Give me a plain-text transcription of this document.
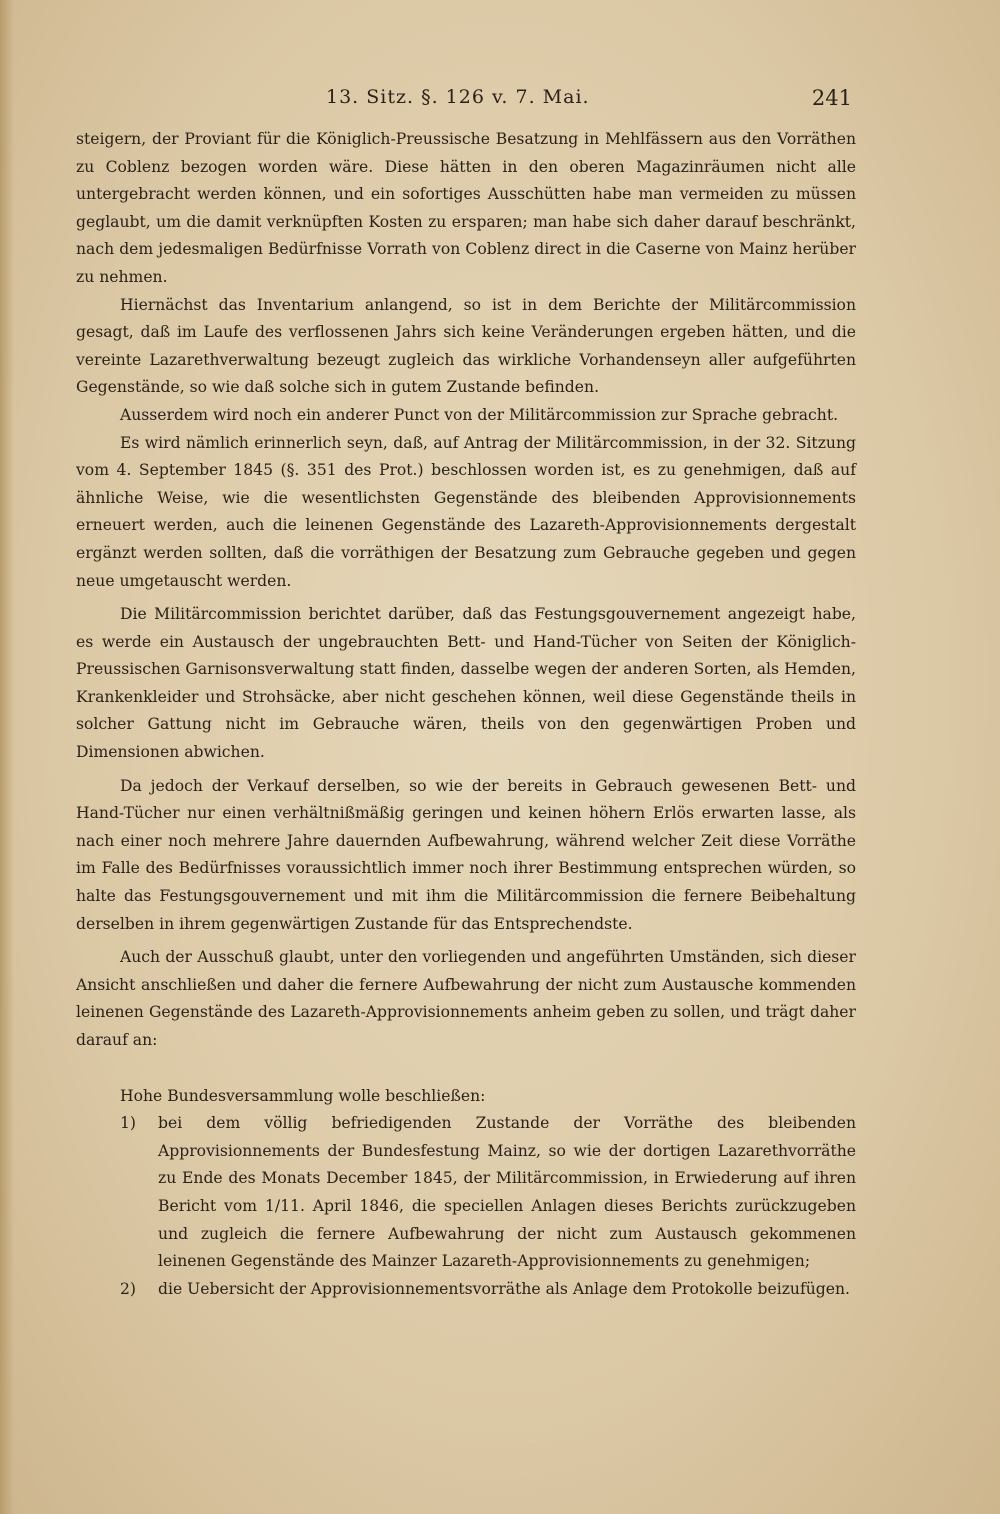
13. Sitz. §. 126 v. 7. Mai.	241

steigern, der Proviant für die Königlich-Preussische Besatzung in Mehlfässern aus den Vorräthen zu Coblenz bezogen worden wäre. Diese hätten in den oberen Magazinräumen nicht alle untergebracht werden können, und ein sofortiges Ausschütten habe man vermeiden zu müssen geglaubt, um die damit verknüpften Kosten zu ersparen; man habe sich daher darauf beschränkt, nach dem jedesmaligen Bedürfnisse Vorrath von Coblenz direct in die Caserne von Mainz herüber zu nehmen.

Hiernächst das Inventarium anlangend, so ist in dem Berichte der Militärcommission gesagt, daß im Laufe des verflossenen Jahrs sich keine Veränderungen ergeben hätten, und die vereinte Lazarethverwaltung bezeugt zugleich das wirkliche Vorhandenseyn aller aufgeführten Gegenstände, so wie daß solche sich in gutem Zustande befinden.

Ausserdem wird noch ein anderer Punct von der Militärcommission zur Sprache gebracht.

Es wird nämlich erinnerlich seyn, daß, auf Antrag der Militärcommission, in der 32. Sitzung vom 4. September 1845 (§. 351 des Prot.) beschlossen worden ist, es zu genehmigen, daß auf ähnliche Weise, wie die wesentlichsten Gegenstände des bleibenden Approvisionnements erneuert werden, auch die leinenen Gegenstände des Lazareth-Approvisionnements dergestalt ergänzt werden sollten, daß die vorräthigen der Besatzung zum Gebrauche gegeben und gegen neue umgetauscht werden.

Die Militärcommission berichtet darüber, daß das Festungsgouvernement angezeigt habe, es werde ein Austausch der ungebrauchten Bett- und Hand-Tücher von Seiten der Königlich-Preussischen Garnisonsverwaltung statt finden, dasselbe wegen der anderen Sorten, als Hemden, Krankenkleider und Strohsäcke, aber nicht geschehen können, weil diese Gegenstände theils in solcher Gattung nicht im Gebrauche wären, theils von den gegenwärtigen Proben und Dimensionen abwichen.

Da jedoch der Verkauf derselben, so wie der bereits in Gebrauch gewesenen Bett- und Hand-Tücher nur einen verhältnißmäßig geringen und keinen höhern Erlös erwarten lasse, als nach einer noch mehrere Jahre dauernden Aufbewahrung, während welcher Zeit diese Vorräthe im Falle des Bedürfnisses voraussichtlich immer noch ihrer Bestimmung entsprechen würden, so halte das Festungsgouvernement und mit ihm die Militärcommission die fernere Beibehaltung derselben in ihrem gegenwärtigen Zustande für das Entsprechendste.

Auch der Ausschuß glaubt, unter den vorliegenden und angeführten Umständen, sich dieser Ansicht anschließen und daher die fernere Aufbewahrung der nicht zum Austausche kommenden leinenen Gegenstände des Lazareth-Approvisionnements anheim geben zu sollen, und trägt daher darauf an:

Hohe Bundesversammlung wolle beschließen:

1)	bei dem völlig befriedigenden Zustande der Vorräthe des bleibenden Approvisionnements der Bundesfestung Mainz, so wie der dortigen Lazarethvorräthe zu Ende des Monats December 1845, der Militärcommission, in Erwiederung auf ihren Bericht vom 1/11. April 1846, die speciellen Anlagen dieses Berichts zurückzugeben und zugleich die fernere Aufbewahrung der nicht zum Austausch gekommenen leinenen Gegenstände des Mainzer Lazareth-Approvisionnements zu genehmigen;
2)	die Uebersicht der Approvisionnementsvorräthe als Anlage dem Protokolle beizufügen.
